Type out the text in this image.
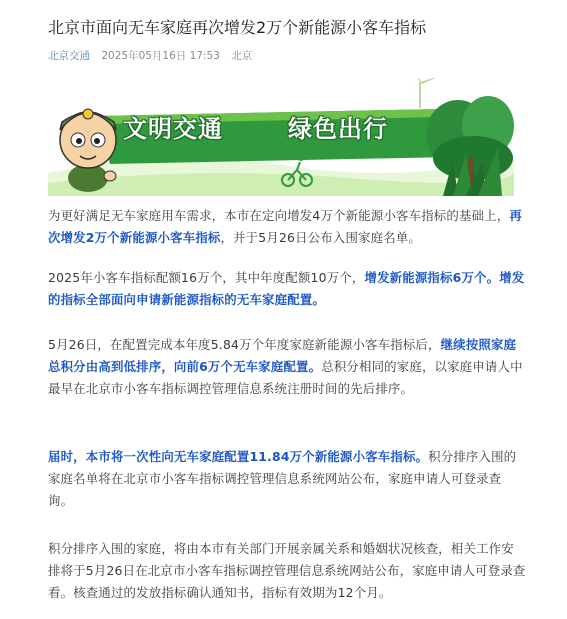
北京市面向无车家庭再次增发2万个新能源小客车指标
北京交通 2025年05月16日 17:53 北京
文明交通	绿色出行
为更好满足无车家庭用车需求，本市在定向增发4万个新能源小客车指标的基础上，再次增发2万个新能源小客车指标，并于5月26日公布入围家庭名单。
2025年小客车指标配额16万个，其中年度配额10万个，增发新能源指标6万个。增发的指标全部面向申请新能源指标的无车家庭配置。
5月26日，在配置完成本年度5.84万个年度家庭新能源小客车指标后，继续按照家庭总积分由高到低排序，向前6万个无车家庭配置。总积分相同的家庭，以家庭申请人中最早在北京市小客车指标调控管理信息系统注册时间的先后排序。
届时，本市将一次性向无车家庭配置11.84万个新能源小客车指标。积分排序入围的家庭名单将在北京市小客车指标调控管理信息系统网站公布，家庭申请人可登录查询。
积分排序入围的家庭，将由本市有关部门开展亲属关系和婚姻状况核查，相关工作安排将于5月26日在北京市小客车指标调控管理信息系统网站公布，家庭申请人可登录查看。核查通过的发放指标确认通知书，指标有效期为12个月。
